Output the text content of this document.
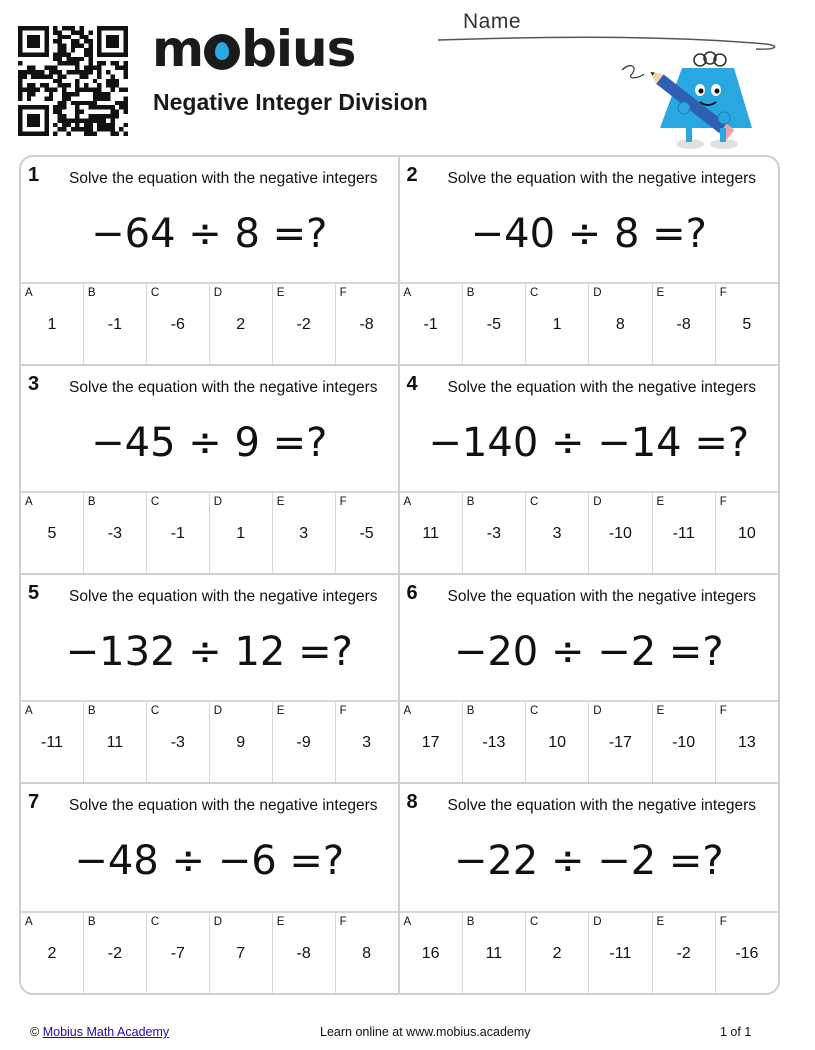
m bius
Negative Integer Division
Name
1 Solve the equation with the negative integers
−64 ÷ 8 =?
A
1
B
-1
C
-6
D
2
E
-2
F
-8
2 Solve the equation with the negative integers
−40 ÷ 8 =?
A
-1
B
-5
C
1
D
8
E
-8
F
5
3 Solve the equation with the negative integers
−45 ÷ 9 =?
A
5
B
-3
C
-1
D
1
E
3
F
-5
4 Solve the equation with the negative integers
−140 ÷ −14 =?
A
11
B
-3
C
3
D
-10
E
-11
F
10
5 Solve the equation with the negative integers
−132 ÷ 12 =?
A
-11
B
11
C
-3
D
9
E
-9
F
3
6 Solve the equation with the negative integers
−20 ÷ −2 =?
A
17
B
-13
C
10
D
-17
E
-10
F
13
7 Solve the equation with the negative integers
−48 ÷ −6 =?
A
2
B
-2
C
-7
D
7
E
-8
F
8
8 Solve the equation with the negative integers
−22 ÷ −2 =?
A
16
B
11
C
2
D
-11
E
-2
F
-16
© Mobius Math Academy	Learn online at www.mobius.academy	1 of 1
